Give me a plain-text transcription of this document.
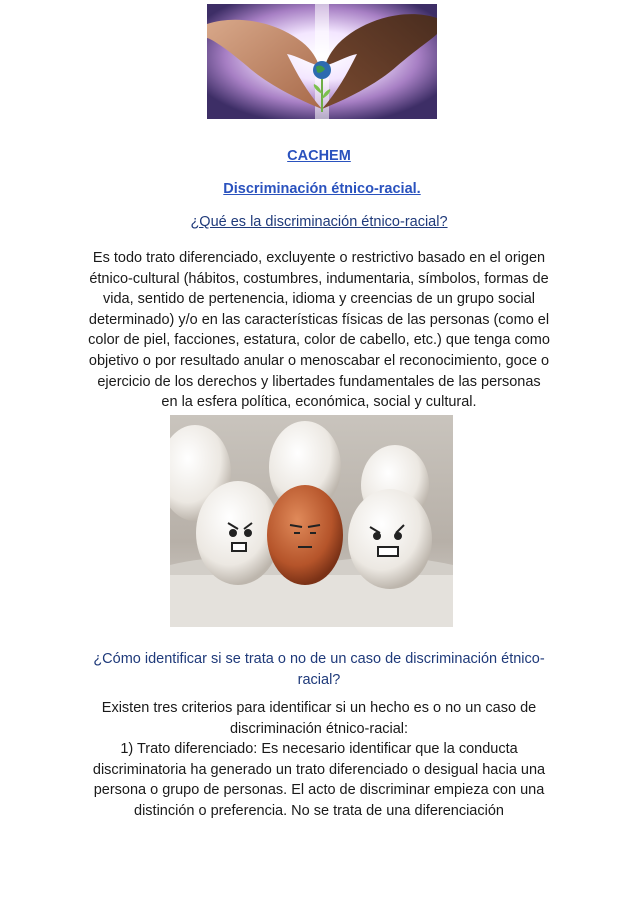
CACHEM
Discriminación étnico-racial.
¿Qué es la discriminación étnico-racial?

Es todo trato diferenciado, excluyente o restrictivo basado en el origen étnico-cultural (hábitos, costumbres, indumentaria, símbolos, formas de vida, sentido de pertenencia, idioma y creencias de un grupo social determinado) y/o en las características físicas de las personas (como el color de piel, facciones, estatura, color de cabello, etc.) que tenga como objetivo o por resultado anular o menoscabar el reconocimiento, goce o ejercicio de los derechos y libertades fundamentales de las personas en la esfera política, económica, social y cultural.

¿Cómo identificar si se trata o no de un caso de discriminación étnico-racial?

Existen tres criterios para identificar si un hecho es o no un caso de discriminación étnico-racial:

1) Trato diferenciado: Es necesario identificar que la conducta discriminatoria ha generado un trato diferenciado o desigual hacia una persona o grupo de personas. El acto de discriminar empieza con una distinción o preferencia. No se trata de una diferenciación
